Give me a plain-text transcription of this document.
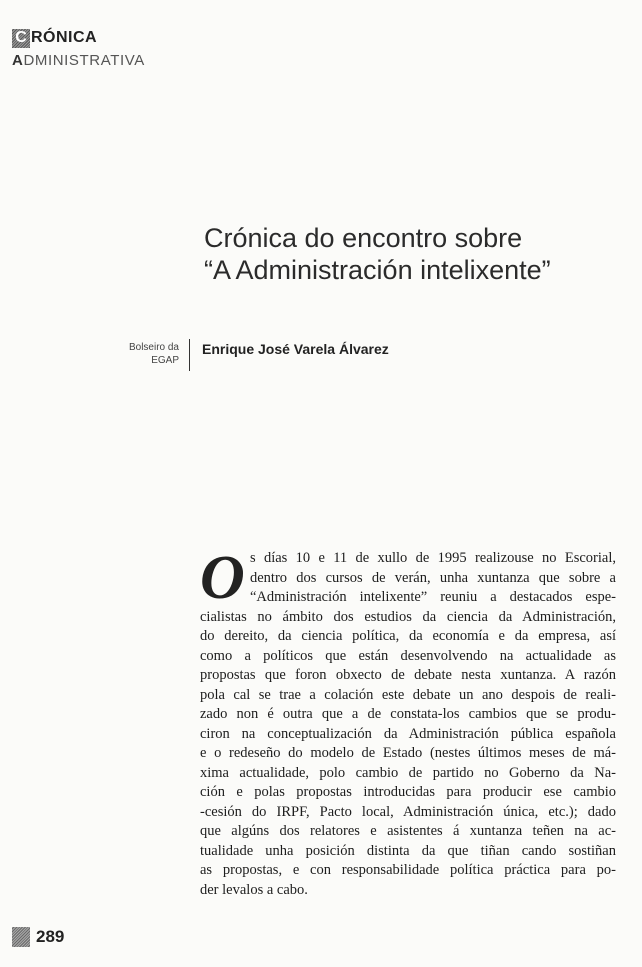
C RÓNICA
ADMINISTRATIVA
Crónica do encontro sobre
“A Administración intelixente”
Bolseiro da
EGAP
Enrique José Varela Álvarez
O s días 10 e 11 de xullo de 1995 realizouse no Escorial,
dentro dos cursos de verán, unha xuntanza que sobre a
“Administración intelixente” reuniu a destacados espe-
cialistas no ámbito dos estudios da ciencia da Administración,
do dereito, da ciencia política, da economía e da empresa, así
como a políticos que están desenvolvendo na actualidade as
propostas que foron obxecto de debate nesta xuntanza. A razón
pola cal se trae a colación este debate un ano despois de reali-
zado non é outra que a de constata-los cambios que se produ-
ciron na conceptualización da Administración pública española
e o redeseño do modelo de Estado (nestes últimos meses de má-
xima actualidade, polo cambio de partido no Goberno da Na-
ción e polas propostas introducidas para producir ese cambio
-cesión do IRPF, Pacto local, Administración única, etc.); dado
que algúns dos relatores e asistentes á xuntanza teñen na ac-
tualidade unha posición distinta da que tiñan cando sostiñan
as propostas, e con responsabilidade política práctica para po-
der levalos a cabo.
289
